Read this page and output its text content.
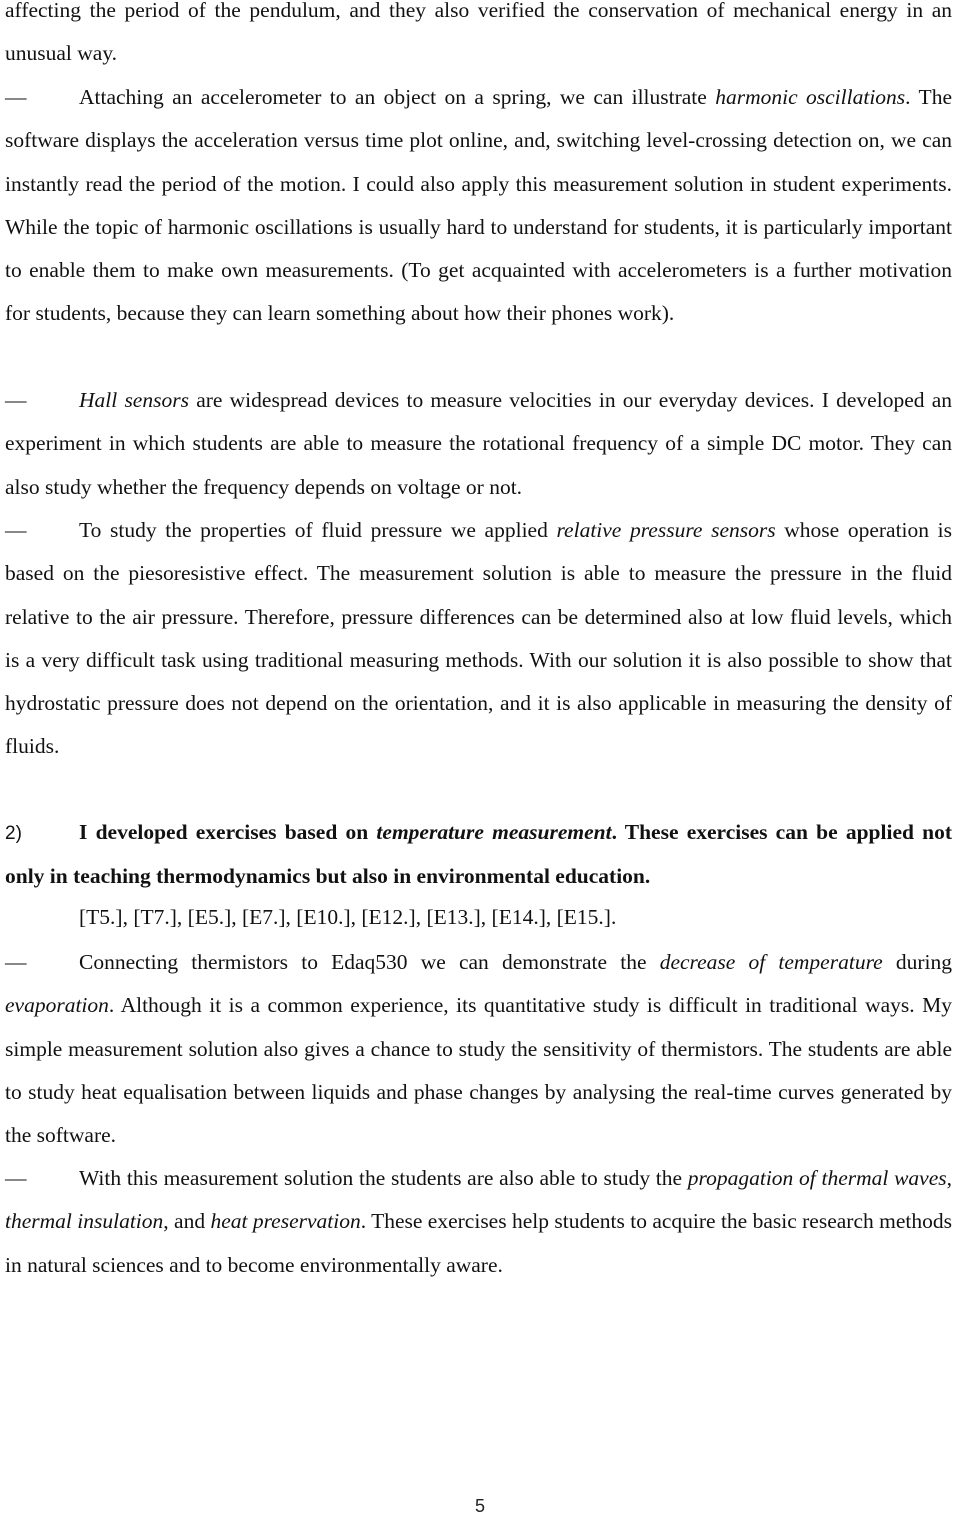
affecting the period of the pendulum, and they also verified the conservation of mechanical energy in an unusual way.

— Attaching an accelerometer to an object on a spring, we can illustrate harmonic oscillations. The software displays the acceleration versus time plot online, and, switching level-crossing detection on, we can instantly read the period of the motion. I could also apply this measurement solution in student experiments. While the topic of harmonic oscillations is usually hard to understand for students, it is particularly important to enable them to make own measurements. (To get acquainted with accelerometers is a further motivation for students, because they can learn something about how their phones work).

— Hall sensors are widespread devices to measure velocities in our everyday devices. I developed an experiment in which students are able to measure the rotational frequency of a simple DC motor. They can also study whether the frequency depends on voltage or not.

— To study the properties of fluid pressure we applied relative pressure sensors whose operation is based on the piesoresistive effect. The measurement solution is able to measure the pressure in the fluid relative to the air pressure. Therefore, pressure differences can be determined also at low fluid levels, which is a very difficult task using traditional measuring methods. With our solution it is also possible to show that hydrostatic pressure does not depend on the orientation, and it is also applicable in measuring the density of fluids.

2)	I developed exercises based on temperature measurement. These exercises can be applied not only in teaching thermodynamics but also in environmental education.

[T5.], [T7.], [E5.], [E7.], [E10.], [E12.], [E13.], [E14.], [E15.].

— Connecting thermistors to Edaq530 we can demonstrate the decrease of temperature during evaporation. Although it is a common experience, its quantitative study is difficult in traditional ways. My simple measurement solution also gives a chance to study the sensitivity of thermistors. The students are able to study heat equalisation between liquids and phase changes by analysing the real-time curves generated by the software.

— With this measurement solution the students are also able to study the propagation of thermal waves, thermal insulation, and heat preservation. These exercises help students to acquire the basic research methods in natural sciences and to become environmentally aware.

5
